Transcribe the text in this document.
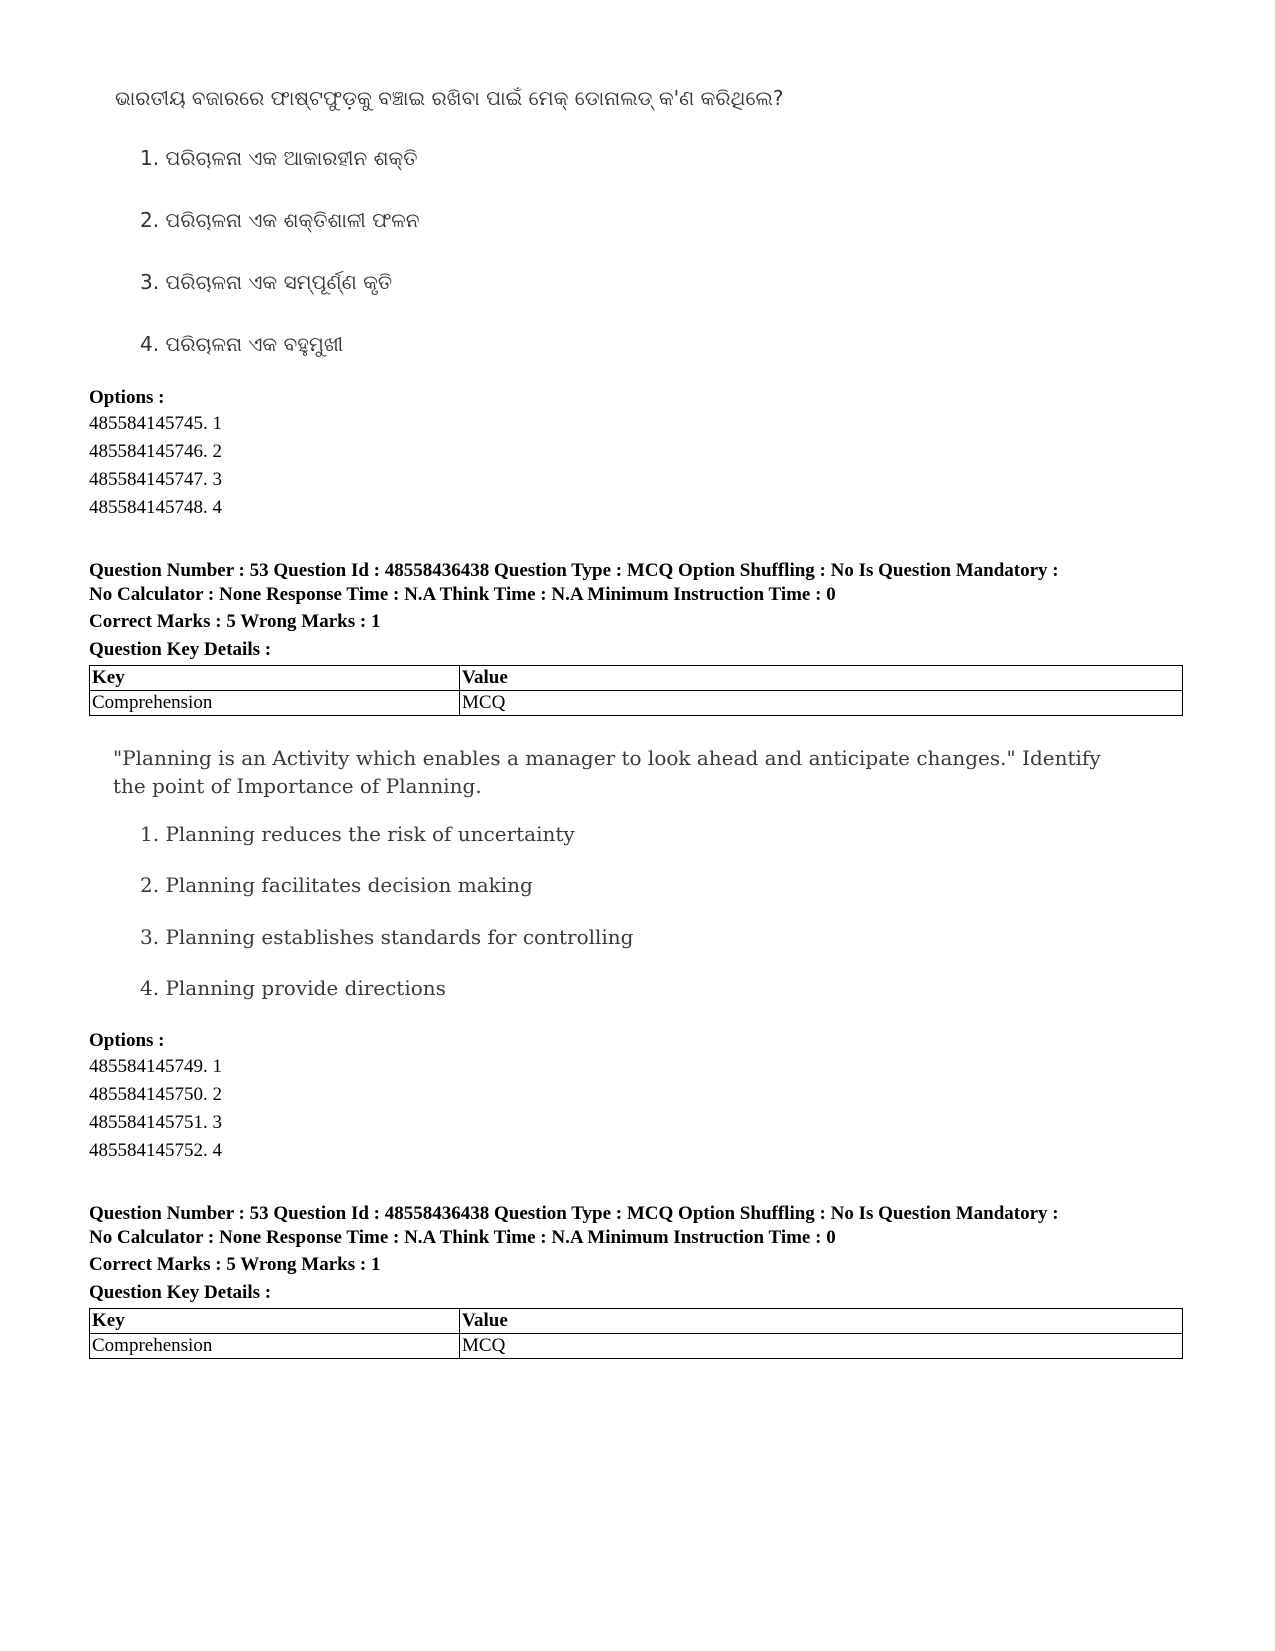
ଭାରତୀୟ ବଜାରରେ ଫାଷ୍ଟଫୁଡ଼କୁ ବଞ୍ଚାଇ ରଖିବା ପାଇଁ ମେକ୍ ଡୋନାଲଡ୍ କ'ଣ କରିଥିଲେ?
1. ପରିଚାଳନା ଏକ ଆକାରହୀନ ଶକ୍ତି
2. ପରିଚାଳନା ଏକ ଶକ୍ତିଶାଳୀ ଫଳନ
3. ପରିଚାଳନା ଏକ ସମ୍ପୂର୍ଣ୍ଣ କୃତି
4. ପରିଚାଳନା ଏକ ବହୁମୁଖୀ
Options :
485584145745. 1
485584145746. 2
485584145747. 3
485584145748. 4
Question Number : 53 Question Id : 48558436438 Question Type : MCQ Option Shuffling : No Is Question Mandatory :
No Calculator : None Response Time : N.A Think Time : N.A Minimum Instruction Time : 0
Correct Marks : 5 Wrong Marks : 1
Question Key Details :
Key	Value
Comprehension	MCQ
"Planning is an Activity which enables a manager to look ahead and anticipate changes." Identify the point of Importance of Planning.
1. Planning reduces the risk of uncertainty
2. Planning facilitates decision making
3. Planning establishes standards for controlling
4. Planning provide directions
Options :
485584145749. 1
485584145750. 2
485584145751. 3
485584145752. 4
Question Number : 53 Question Id : 48558436438 Question Type : MCQ Option Shuffling : No Is Question Mandatory :
No Calculator : None Response Time : N.A Think Time : N.A Minimum Instruction Time : 0
Correct Marks : 5 Wrong Marks : 1
Question Key Details :
Key	Value
Comprehension	MCQ
